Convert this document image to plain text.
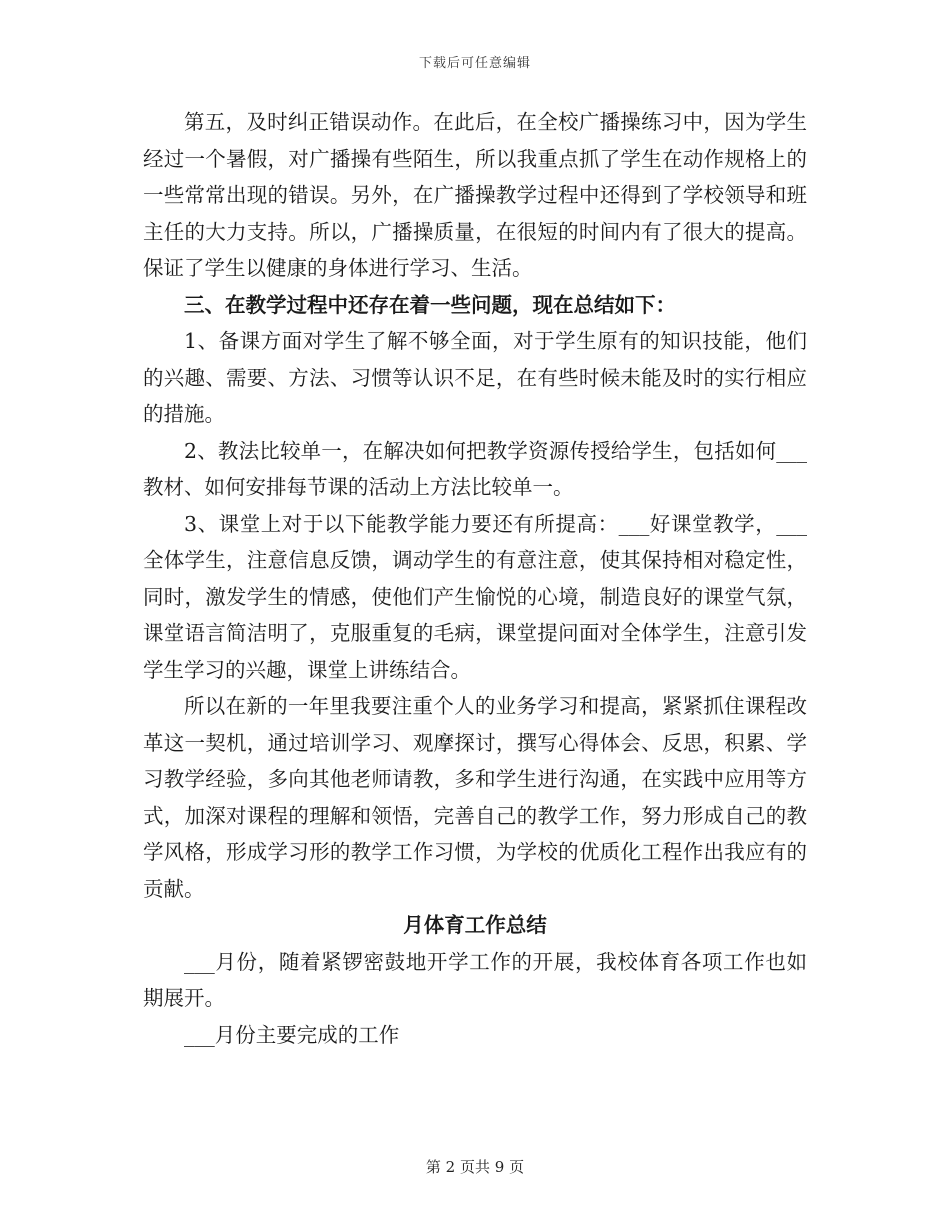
下载后可任意编辑

第五，及时纠正错误动作。在此后，在全校广播操练习中，因为学生经过一个暑假，对广播操有些陌生，所以我重点抓了学生在动作规格上的一些常常出现的错误。另外，在广播操教学过程中还得到了学校领导和班主任的大力支持。所以，广播操质量，在很短的时间内有了很大的提高。保证了学生以健康的身体进行学习、生活。

三、在教学过程中还存在着一些问题，现在总结如下：

1、备课方面对学生了解不够全面，对于学生原有的知识技能，他们的兴趣、需要、方法、习惯等认识不足，在有些时候未能及时的实行相应的措施。

2、教法比较单一，在解决如何把教学资源传授给学生，包括如何___教材、如何安排每节课的活动上方法比较单一。

3、课堂上对于以下能教学能力要还有所提高：___好课堂教学，___全体学生，注意信息反馈，调动学生的有意注意，使其保持相对稳定性，同时，激发学生的情感，使他们产生愉悦的心境，制造良好的课堂气氛，课堂语言简洁明了，克服重复的毛病，课堂提问面对全体学生，注意引发学生学习的兴趣，课堂上讲练结合。

所以在新的一年里我要注重个人的业务学习和提高，紧紧抓住课程改革这一契机，通过培训学习、观摩探讨，撰写心得体会、反思，积累、学习教学经验，多向其他老师请教，多和学生进行沟通，在实践中应用等方式，加深对课程的理解和领悟，完善自己的教学工作，努力形成自己的教学风格，形成学习形的教学工作习惯，为学校的优质化工程作出我应有的贡献。

月体育工作总结

___月份，随着紧锣密鼓地开学工作的开展，我校体育各项工作也如期展开。

___月份主要完成的工作

第 2 页共 9 页
